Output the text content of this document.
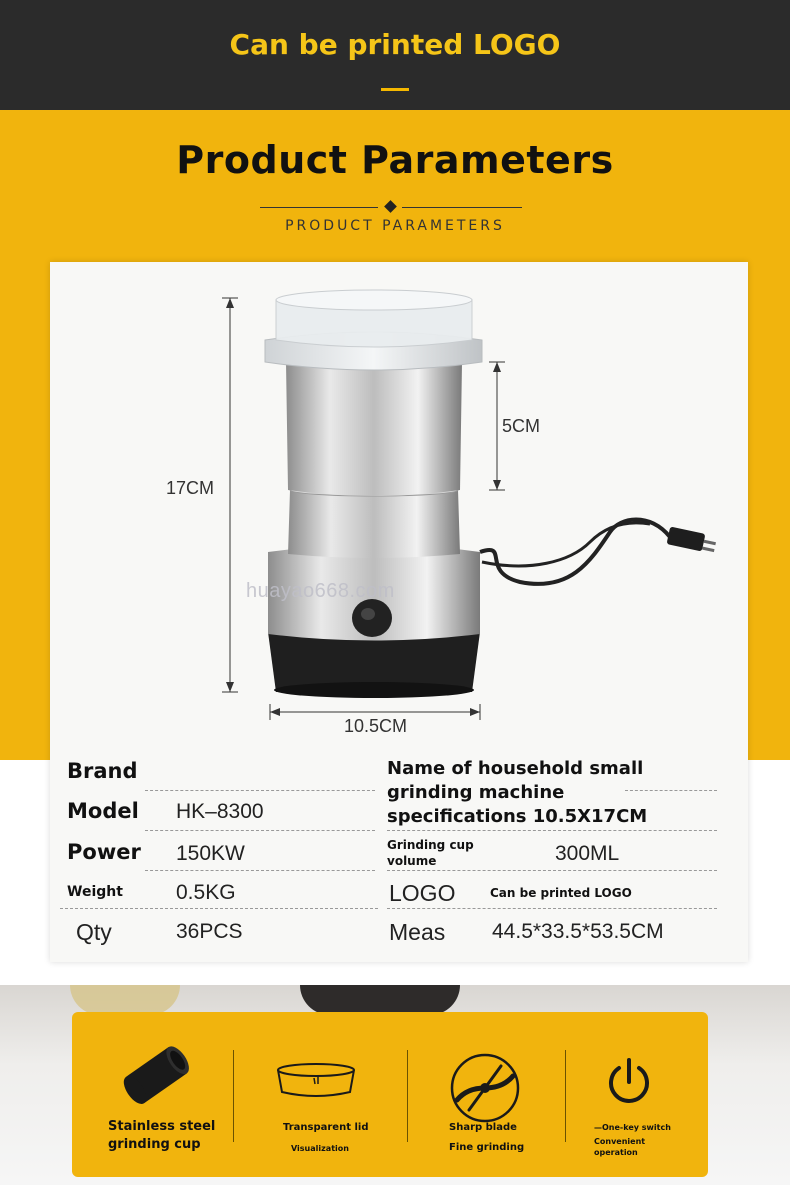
Can be printed LOGO
Product Parameters
PRODUCT PARAMETERS
17CM
5CM
10.5CM
huayao668.com
Brand	Name of household small grinding machine specifications 10.5X17CM
Model HK–8300
Power 150KW	Grinding cup volume	300ML
Weight	0.5KG	LOGO	Can be printed LOGO
Qty	36PCS	Meas 44.5*33.5*53.5CM
Stainless steel
grinding cup
Transparent lid
Visualization
Sharp blade
Fine grinding
—One-key switch
Convenient operation
